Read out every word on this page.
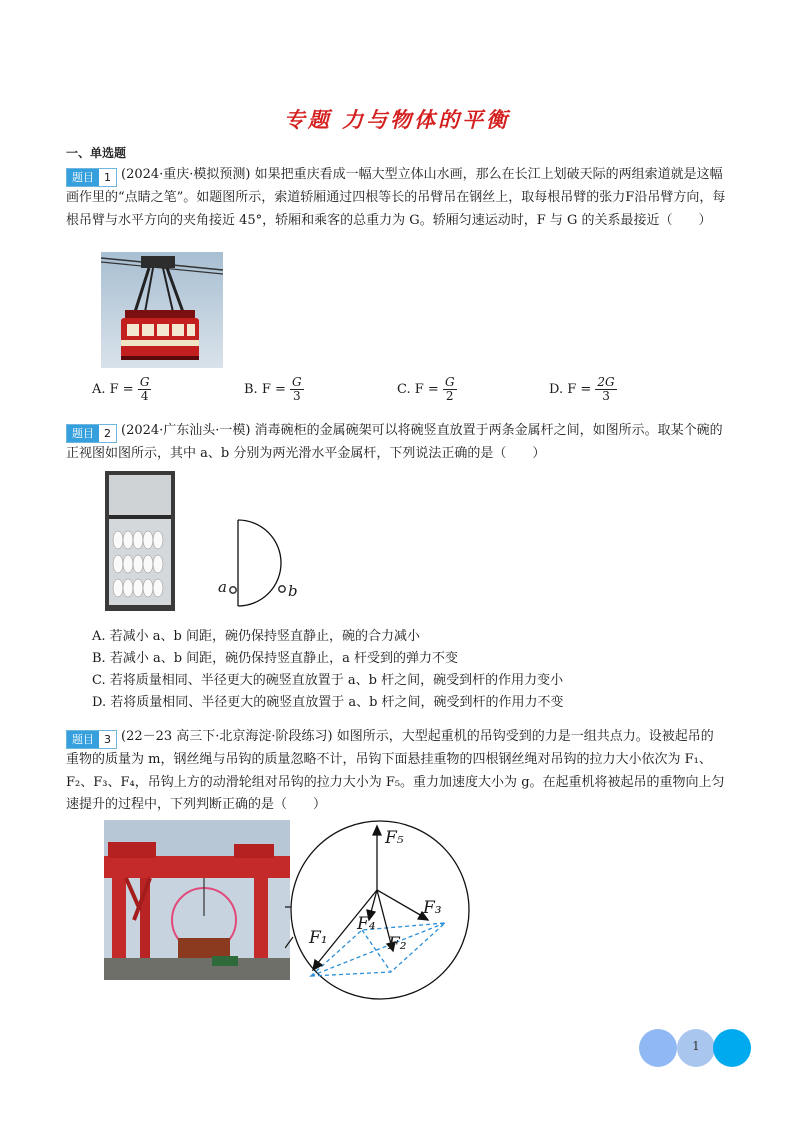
专题 力与物体的平衡
一、单选题
题目 1 (2024·重庆·模拟预测) 如果把重庆看成一幅大型立体山水画，那么在长江上划破天际的两组索道就是这幅画作里的“点睛之笔”。如题图所示，索道轿厢通过四根等长的吊臂吊在钢丝上，取每根吊臂的张力F沿吊臂方向，每根吊臂与水平方向的夹角接近 45°，轿厢和乘客的总重力为 G。轿厢匀速运动时，F 与 G 的关系最接近（　　）
A. $F = \frac{G}{4}$	B. $F = \frac{G}{3}$	C. $F = \frac{G}{2}$	D. $F = \frac{2G}{3}$
题目 2 (2024·广东汕头·一模) 消毒碗柜的金属碗架可以将碗竖直放置于两条金属杆之间，如图所示。取某个碗的正视图如图所示，其中 a、b 分别为两光滑水平金属杆，下列说法正确的是（　　）
a	b
A. 若减小 a、b 间距，碗仍保持竖直静止，碗的合力减小
B. 若减小 a、b 间距，碗仍保持竖直静止，a 杆受到的弹力不变
C. 若将质量相同、半径更大的碗竖直放置于 a、b 杆之间，碗受到杆的作用力变小
D. 若将质量相同、半径更大的碗竖直放置于 a、b 杆之间，碗受到杆的作用力不变
题目 3 (22－23 高三下·北京海淀·阶段练习) 如图所示，大型起重机的吊钩受到的力是一组共点力。设被起吊的重物的质量为 m，钢丝绳与吊钩的质量忽略不计，吊钩下面悬挂重物的四根钢丝绳对吊钩的拉力大小依次为 F₁、F₂、F₃、F₄，吊钩上方的动滑轮组对吊钩的拉力大小为 F₅。重力加速度大小为 g。在起重机将被起吊的重物向上匀速提升的过程中，下列判断正确的是（　　）
F₅
F₁
F₄
F₂
F₃
1
